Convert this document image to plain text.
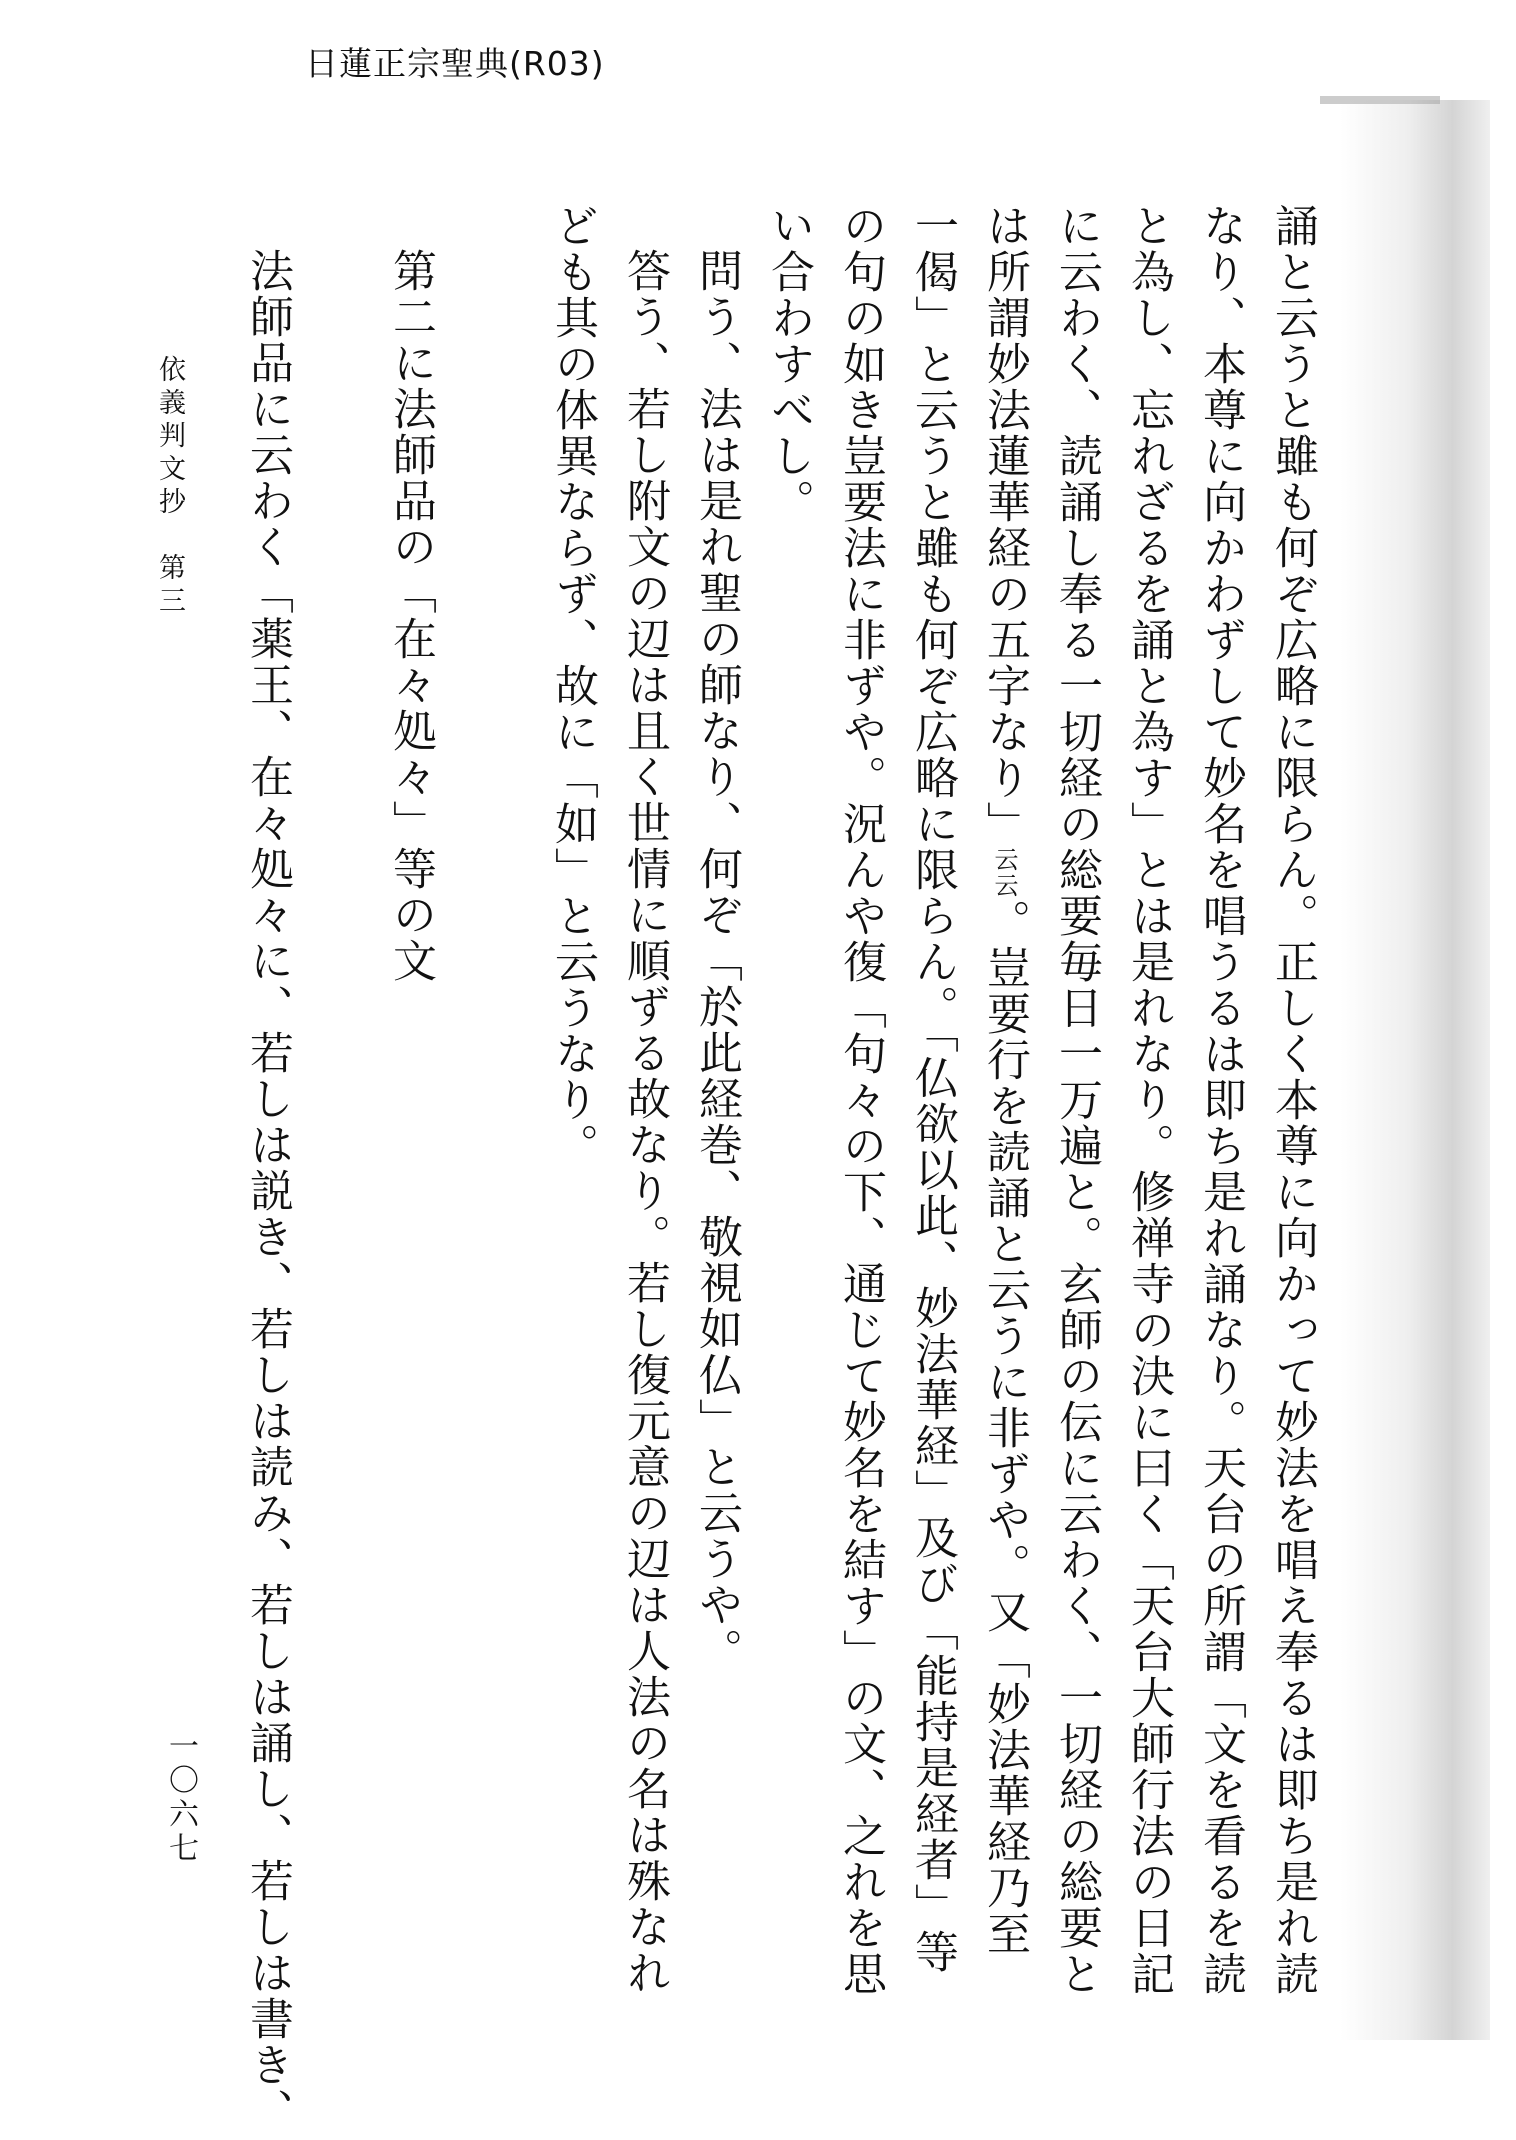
日蓮正宗聖典(R03)
誦と云うと雖も何ぞ広略に限らん。正しく本尊に向かって妙法を唱え奉るは即ち是れ読
なり、本尊に向かわずして妙名を唱うるは即ち是れ誦なり。天台の所謂「文を看るを読
と為し、忘れざるを誦と為す」とは是れなり。修禅寺の決に曰く「天台大師行法の日記
に云わく、読誦し奉る一切経の総要毎日一万遍と。玄師の伝に云わく、一切経の総要と
は所謂妙法蓮華経の五字なり」云云。豈要行を読誦と云うに非ずや。又「妙法華経乃至
一偈」と云うと雖も何ぞ広略に限らん。「仏欲以此、妙法華経」及び「能持是経者」等
の句の如き豈要法に非ずや。況んや復「句々の下、通じて妙名を結す」の文、之れを思
い合わすべし。
問う、法は是れ聖の師なり、何ぞ「於此経巻、敬視如仏」と云うや。
答う、若し附文の辺は且く世情に順ずる故なり。若し復元意の辺は人法の名は殊なれ
ども其の体異ならず、故に「如」と云うなり。
第二に法師品の「在々処々」等の文
法師品に云わく「薬王、在々処々に、若しは説き、若しは読み、若しは誦し、若しは書き、
依義判文抄　第三
一〇六七
